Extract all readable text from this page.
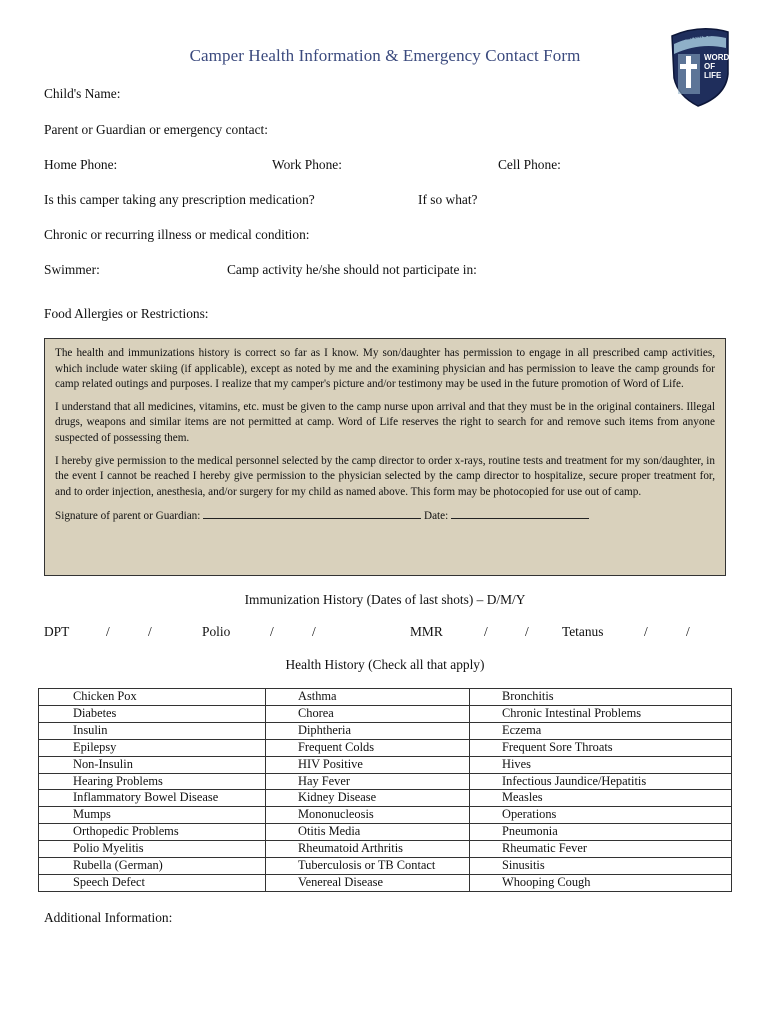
Camper Health Information & Emergency Contact Form
BERMUDA
WORD
OF
LIFE
Child's Name:
Parent or Guardian or emergency contact:
Home Phone:	Work Phone:	Cell Phone:
Is this camper taking any prescription medication?	If so what?
Chronic or recurring illness or medical condition:
Swimmer:	Camp activity he/she should not participate in:
Food Allergies or Restrictions:

The health and immunizations history is correct so far as I know. My son/daughter has permission to engage in all prescribed camp activities, which include water skiing (if applicable), except as noted by me and the examining physician and has permission to leave the camp grounds for camp related outings and purposes. I realize that my camper's picture and/or testimony may be used in the future promotion of Word of Life.

I understand that all medicines, vitamins, etc. must be given to the camp nurse upon arrival and that they must be in the original containers. Illegal drugs, weapons and similar items are not permitted at camp. Word of Life reserves the right to search for and remove such items from anyone suspected of possessing them.

I hereby give permission to the medical personnel selected by the camp director to order x-rays, routine tests and treatment for my son/daughter, in the event I cannot be reached I hereby give permission to the physician selected by the camp director to hospitalize, secure proper treatment for, and to order injection, anesthesia, and/or surgery for my child as named above. This form may be photocopied for use out of camp.

Signature of parent or Guardian:	Date:
Immunization History (Dates of last shots) – D/M/Y
DPT	/	/	Polio	/	/	MMR	/	/ Tetanus	/	/
Health History (Check all that apply)
Chicken Pox	Asthma	Bronchitis
Diabetes	Chorea	Chronic Intestinal Problems
Insulin	Diphtheria	Eczema
Epilepsy	Frequent Colds	Frequent Sore Throats
Non-Insulin	HIV Positive	Hives
Hearing Problems	Hay Fever	Infectious Jaundice/Hepatitis
Inflammatory Bowel Disease	Kidney Disease	Measles
Mumps	Mononucleosis	Operations
Orthopedic Problems	Otitis Media	Pneumonia
Polio Myelitis	Rheumatoid Arthritis	Rheumatic Fever
Rubella (German)	Tuberculosis or TB Contact	Sinusitis
Speech Defect	Venereal Disease	Whooping Cough
Additional Information:
